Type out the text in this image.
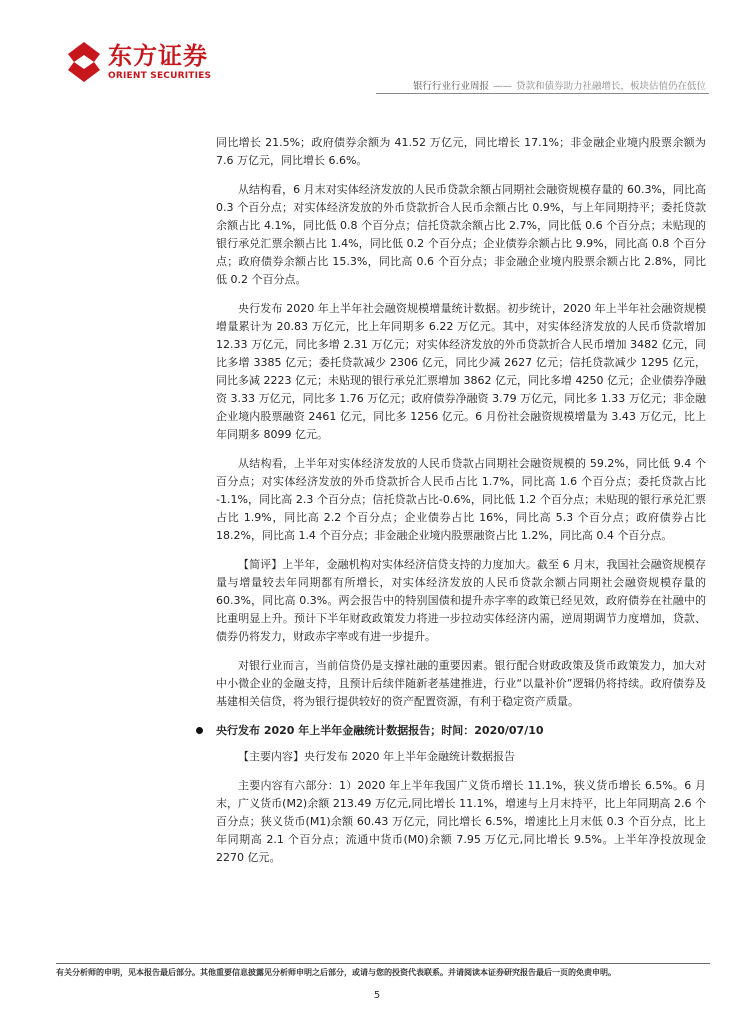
东方证券
ORIENT SECURITIES
银行行业行业周报 —— 贷款和债券助力社融增长，板块估值仍在低位

同比增长 21.5%；政府债券余额为 41.52 万亿元，同比增长 17.1%；非金融企业境内股票余额为 7.6 万亿元，同比增长 6.6%。

从结构看，6 月末对实体经济发放的人民币贷款余额占同期社会融资规模存量的 60.3%，同比高 0.3 个百分点；对实体经济发放的外币贷款折合人民币余额占比 0.9%，与上年同期持平；委托贷款余额占比 4.1%，同比低 0.8 个百分点；信托贷款余额占比 2.7%，同比低 0.6 个百分点；未贴现的银行承兑汇票余额占比 1.4%，同比低 0.2 个百分点；企业债券余额占比 9.9%，同比高 0.8 个百分点；政府债券余额占比 15.3%，同比高 0.6 个百分点；非金融企业境内股票余额占比 2.8%，同比低 0.2 个百分点。

央行发布 2020 年上半年社会融资规模增量统计数据。初步统计，2020 年上半年社会融资规模增量累计为 20.83 万亿元，比上年同期多 6.22 万亿元。其中，对实体经济发放的人民币贷款增加 12.33 万亿元，同比多增 2.31 万亿元；对实体经济发放的外币贷款折合人民币增加 3482 亿元，同比多增 3385 亿元；委托贷款减少 2306 亿元，同比少减 2627 亿元；信托贷款减少 1295 亿元，同比多减 2223 亿元；未贴现的银行承兑汇票增加 3862 亿元，同比多增 4250 亿元；企业债券净融资 3.33 万亿元，同比多 1.76 万亿元；政府债券净融资 3.79 万亿元，同比多 1.33 万亿元；非金融企业境内股票融资 2461 亿元，同比多 1256 亿元。6 月份社会融资规模增量为 3.43 万亿元，比上年同期多 8099 亿元。

从结构看，上半年对实体经济发放的人民币贷款占同期社会融资规模的 59.2%，同比低 9.4 个百分点；对实体经济发放的外币贷款折合人民币占比 1.7%，同比高 1.6 个百分点；委托贷款占比 -1.1%，同比高 2.3 个百分点；信托贷款占比-0.6%，同比低 1.2 个百分点；未贴现的银行承兑汇票占比 1.9%，同比高 2.2 个百分点；企业债券占比 16%，同比高 5.3 个百分点；政府债券占比 18.2%，同比高 1.4 个百分点；非金融企业境内股票融资占比 1.2%，同比高 0.4 个百分点。

【简评】上半年，金融机构对实体经济信贷支持的力度加大。截至 6 月末，我国社会融资规模存量与增量较去年同期都有所增长，对实体经济发放的人民币贷款余额占同期社会融资规模存量的 60.3%，同比高 0.3%。两会报告中的特别国债和提升赤字率的政策已经见效，政府债券在社融中的比重明显上升。预计下半年财政政策发力将进一步拉动实体经济内需，逆周期调节力度增加，贷款、债券仍将发力，财政赤字率或有进一步提升。

对银行业而言，当前信贷仍是支撑社融的重要因素。银行配合财政政策及货币政策发力，加大对中小微企业的金融支持，且预计后续伴随新老基建推进，行业“以量补价”逻辑仍将持续。政府债券及基建相关信贷，将为银行提供较好的资产配置资源，有利于稳定资产质量。

央行发布 2020 年上半年金融统计数据报告；时间：2020/07/10

【主要内容】央行发布 2020 年上半年金融统计数据报告

主要内容有六部分：1）2020 年上半年我国广义货币增长 11.1%，狭义货币增长 6.5%。6 月末，广义货币(M2)余额 213.49 万亿元,同比增长 11.1%，增速与上月末持平，比上年同期高 2.6 个百分点；狭义货币(M1)余额 60.43 万亿元，同比增长 6.5%，增速比上月末低 0.3 个百分点，比上年同期高 2.1 个百分点；流通中货币(M0)余额 7.95 万亿元,同比增长 9.5%。上半年净投放现金 2270 亿元。

有关分析师的申明，见本报告最后部分。其他重要信息披露见分析师申明之后部分，或请与您的投资代表联系。并请阅读本证券研究报告最后一页的免责申明。
5
